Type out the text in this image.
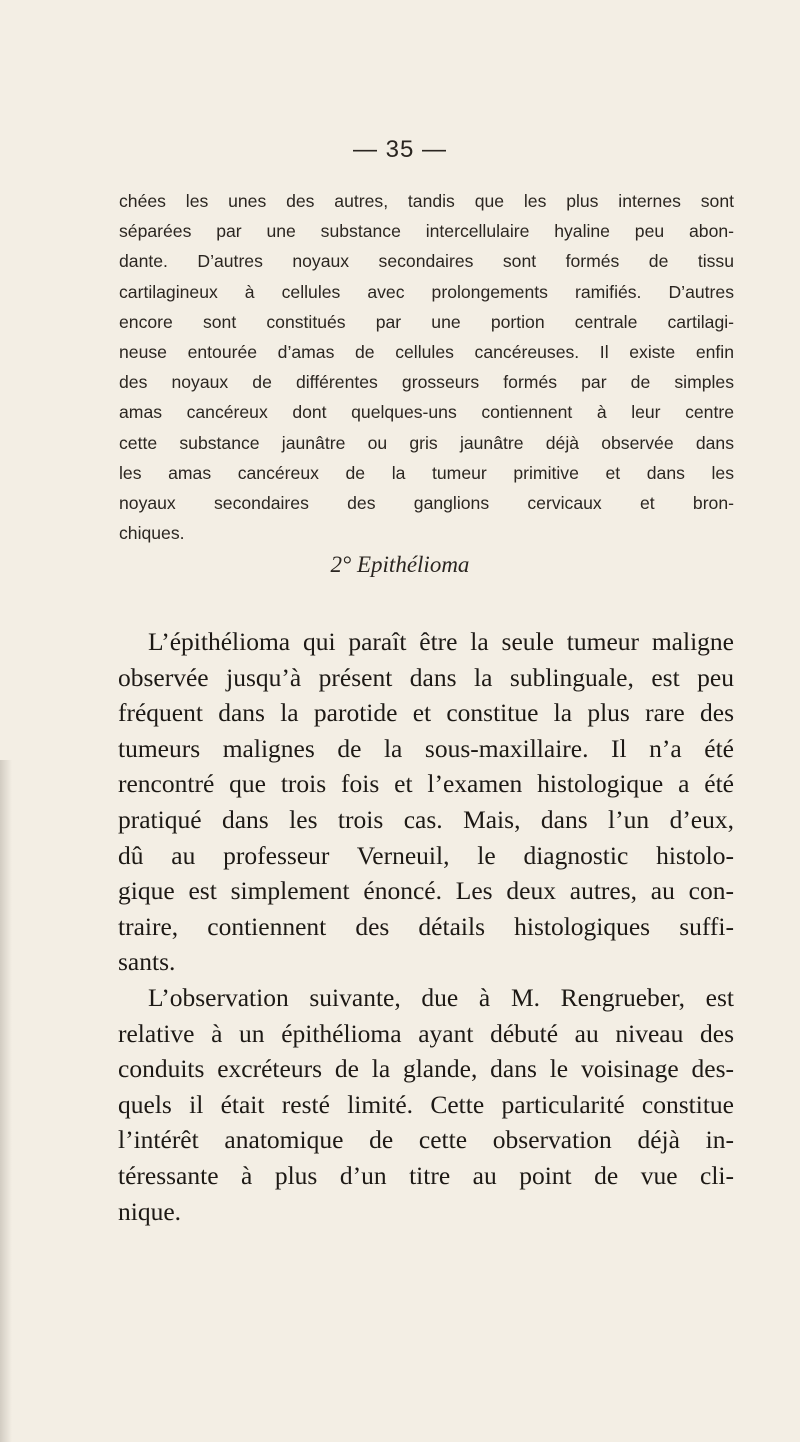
— 35 —
chées les unes des autres, tandis que les plus internes sont
séparées par une substance intercellulaire hyaline peu abon-
dante. D’autres noyaux secondaires sont formés de tissu
cartilagineux à cellules avec prolongements ramifiés. D’autres
encore sont constitués par une portion centrale cartilagi-
neuse entourée d’amas de cellules cancéreuses. Il existe enfin
des noyaux de différentes grosseurs formés par de simples
amas cancéreux dont quelques-uns contiennent à leur centre
cette substance jaunâtre ou gris jaunâtre déjà observée dans
les amas cancéreux de la tumeur primitive et dans les
noyaux secondaires des ganglions cervicaux et bron-
chiques.
2° Epithélioma
L’épithélioma qui paraît être la seule tumeur maligne
observée jusqu’à présent dans la sublinguale, est peu
fréquent dans la parotide et constitue la plus rare des
tumeurs malignes de la sous-maxillaire. Il n’a été
rencontré que trois fois et l’examen histologique a été
pratiqué dans les trois cas. Mais, dans l’un d’eux,
dû au professeur Verneuil, le diagnostic histolo-
gique est simplement énoncé. Les deux autres, au con-
traire, contiennent des détails histologiques suffi-
sants.
L’observation suivante, due à M. Rengrueber, est
relative à un épithélioma ayant débuté au niveau des
conduits excréteurs de la glande, dans le voisinage des-
quels il était resté limité. Cette particularité constitue
l’intérêt anatomique de cette observation déjà in-
téressante à plus d’un titre au point de vue cli-
nique.
